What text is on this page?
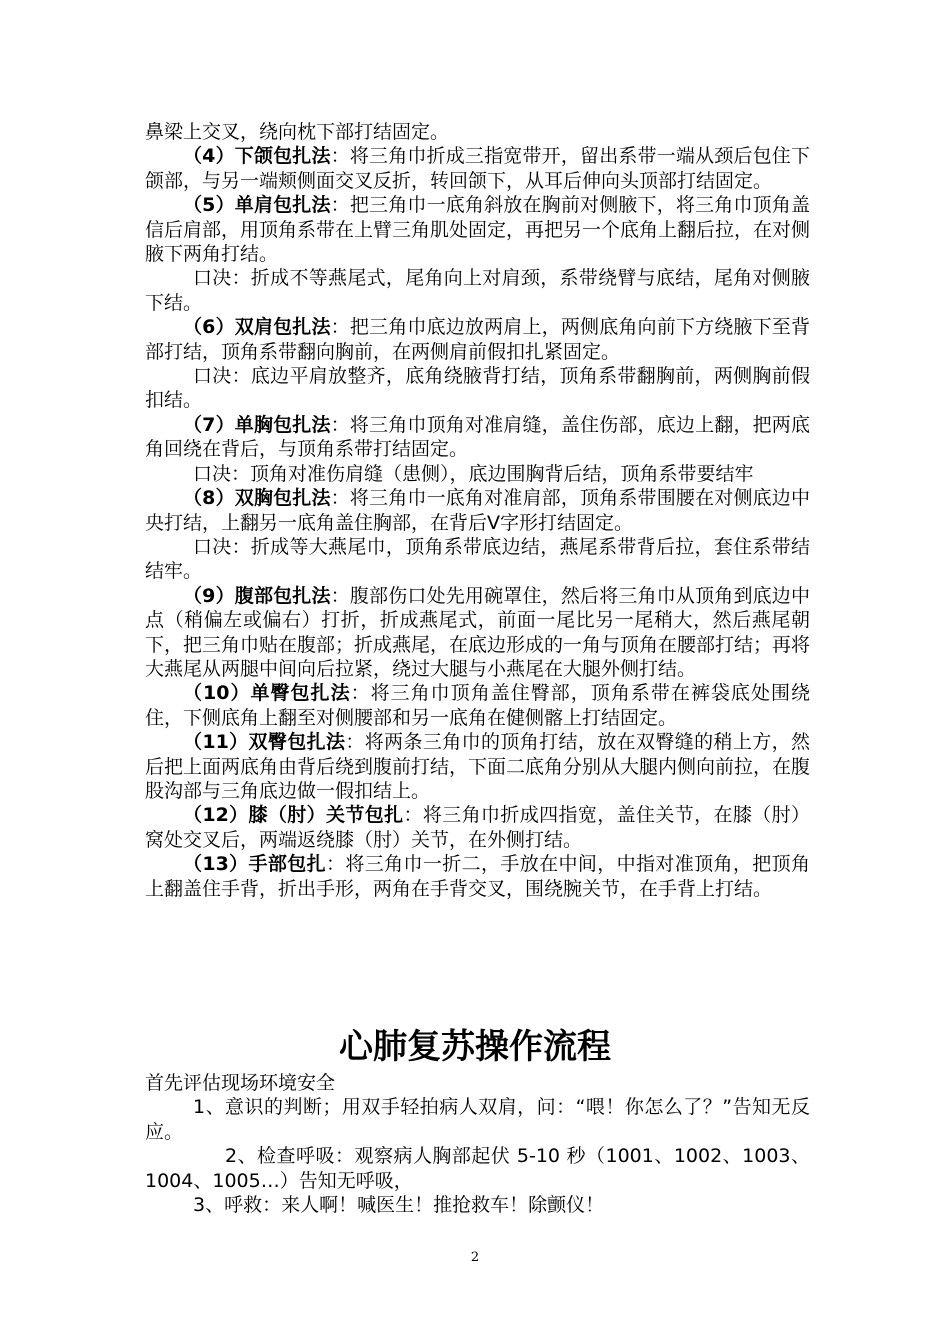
鼻梁上交叉，绕向枕下部打结固定。

（4）下颌包扎法：将三角巾折成三指宽带开，留出系带一端从颈后包住下颌部，与另一端颊侧面交叉反折，转回颌下，从耳后伸向头顶部打结固定。

（5）单肩包扎法：把三角巾一底角斜放在胸前对侧腋下，将三角巾顶角盖信后肩部，用顶角系带在上臂三角肌处固定，再把另一个底角上翻后拉，在对侧腋下两角打结。

口决：折成不等燕尾式，尾角向上对肩颈，系带绕臂与底结，尾角对侧腋下结。

（6）双肩包扎法：把三角巾底边放两肩上，两侧底角向前下方绕腋下至背部打结，顶角系带翻向胸前，在两侧肩前假扣扎紧固定。

口决：底边平肩放整齐，底角绕腋背打结，顶角系带翻胸前，两侧胸前假扣结。

（7）单胸包扎法：将三角巾顶角对准肩缝，盖住伤部，底边上翻，把两底角回绕在背后，与顶角系带打结固定。

口决：顶角对准伤肩缝（患侧），底边围胸背后结，顶角系带要结牢

（8）双胸包扎法：将三角巾一底角对准肩部，顶角系带围腰在对侧底边中央打结，上翻另一底角盖住胸部，在背后V字形打结固定。

口决：折成等大燕尾巾，顶角系带底边结，燕尾系带背后拉，套住系带结结牢。

（9）腹部包扎法：腹部伤口处先用碗罩住，然后将三角巾从顶角到底边中点（稍偏左或偏右）打折，折成燕尾式，前面一尾比另一尾稍大，然后燕尾朝下，把三角巾贴在腹部；折成燕尾，在底边形成的一角与顶角在腰部打结；再将大燕尾从两腿中间向后拉紧，绕过大腿与小燕尾在大腿外侧打结。

（10）单臀包扎法：将三角巾顶角盖住臀部，顶角系带在裤袋底处围绕住，下侧底角上翻至对侧腰部和另一底角在健侧髂上打结固定。

（11）双臀包扎法：将两条三角巾的顶角打结，放在双臀缝的稍上方，然后把上面两底角由背后绕到腹前打结，下面二底角分别从大腿内侧向前拉，在腹股沟部与三角底边做一假扣结上。

（12）膝（肘）关节包扎：将三角巾折成四指宽，盖住关节，在膝（肘）窝处交叉后，两端返绕膝（肘）关节，在外侧打结。

（13）手部包扎：将三角巾一折二，手放在中间，中指对准顶角，把顶角上翻盖住手背，折出手形，两角在手背交叉，围绕腕关节，在手背上打结。

心肺复苏操作流程

首先评估现场环境安全

1、意识的判断；用双手轻拍病人双肩，问：“喂！你怎么了？”告知无反应。

2、检查呼吸：观察病人胸部起伏 5-10 秒（1001、1002、1003、1004、1005…）告知无呼吸，

3、呼救：来人啊！喊医生！推抢救车！除颤仪！

2
